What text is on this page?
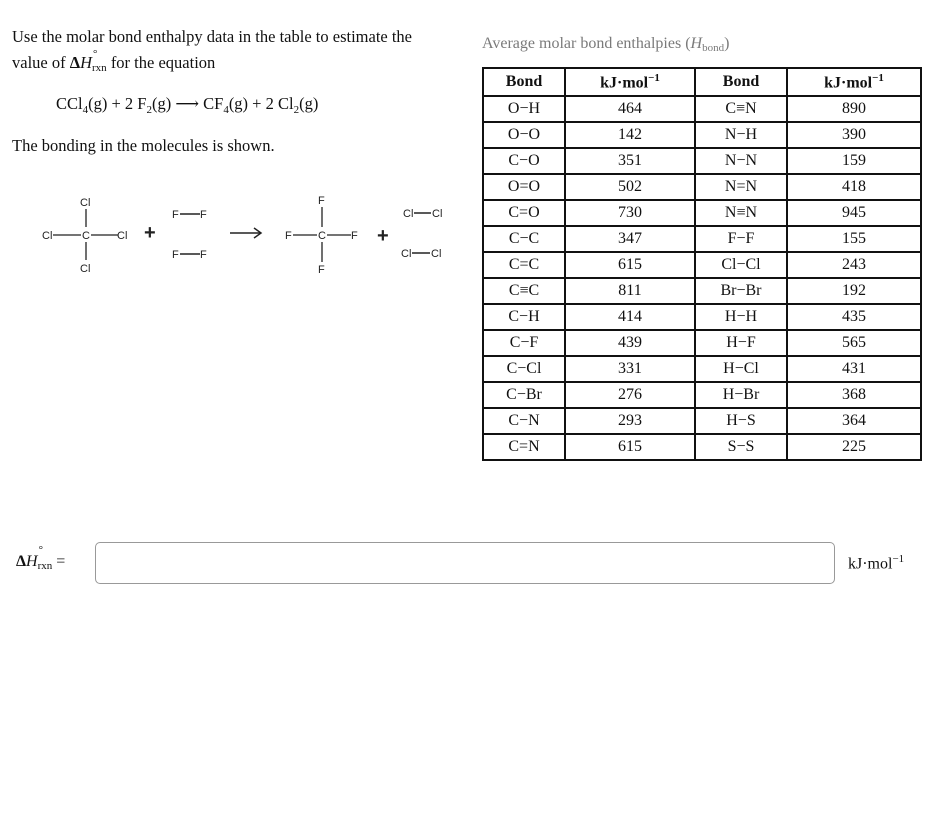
Use the molar bond enthalpy data in the table to estimate the
value of ΔH °
$_{rxn}$ for the equation
CCl$_4$(g) + 2 $F_2(g)$ ⟶ $CF_4(g) + 2$ $Cl_2(g)$
The bonding in the molecules is shown.
Cl
Cl	C Cl
Cl
+
F F
F F
F
F C F
F
+
Cl Cl
Cl Cl
Average molar bond enthalpies $(H_{bond})$
Bond	kJ·mol$^{-1}$	Bond	kJ·mol$^{-1}$
O−H	464	C≡N	890
O−O	142	N−H	390
C−O	351	N−N	159
O=O	502	N=N	418
C=O	730	N≡N	945
C−C	347	F−F	155
C=C	615	Cl−Cl	243
C≡C	811	Br−Br	192
C−H	414	H−H	435
C−F	439	H−F	565
C−Cl	331	H−Cl	431
C−Br	276	H−Br	368
C−N	293	H−S	364
C=N	615	S−S	225
ΔH
°
$_{rxn}$ =	kJ·mol$^{-1}$
